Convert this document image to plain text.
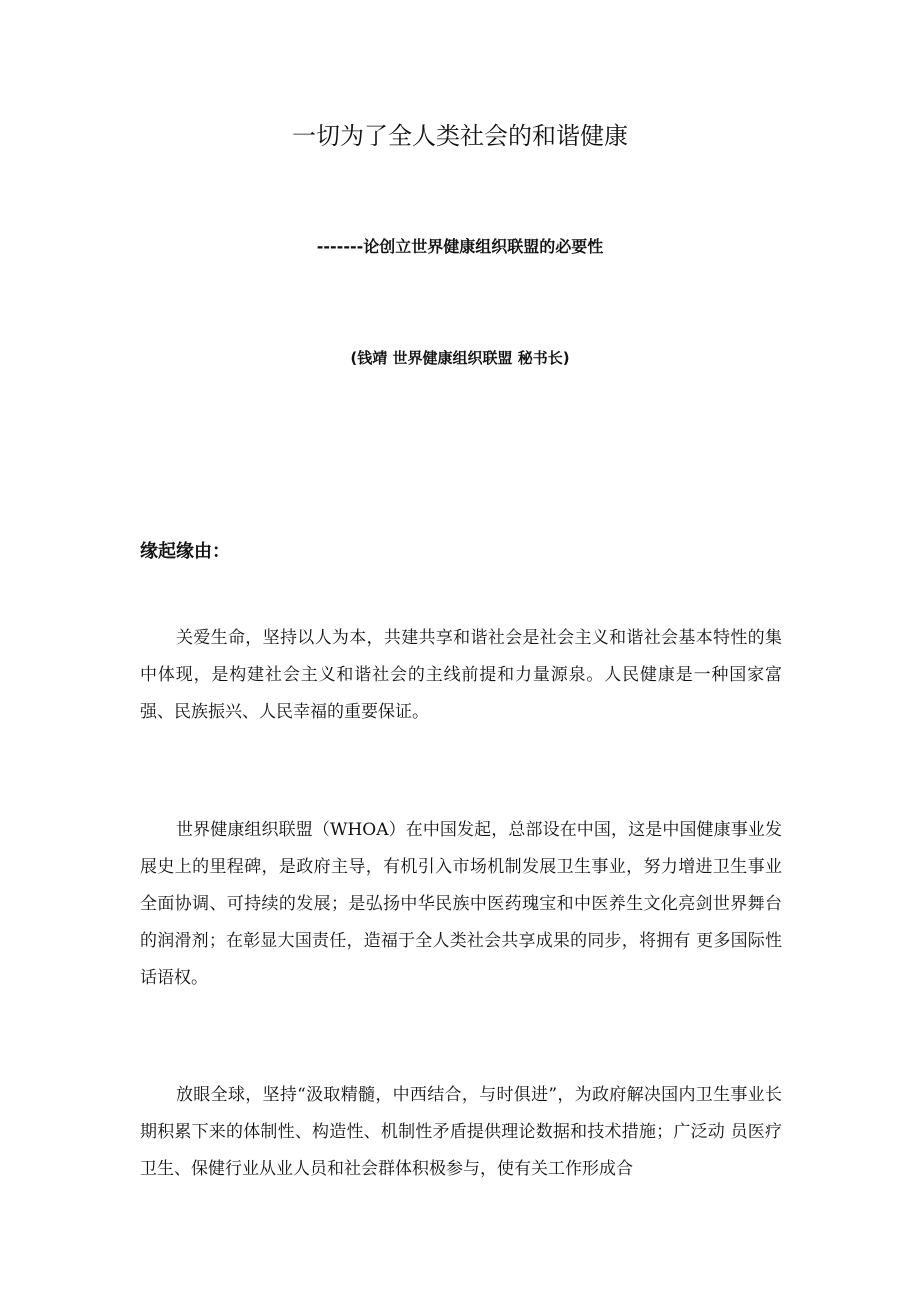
一切为了全人类社会的和谐健康
-------论创立世界健康组织联盟的必要性

(钱靖 世界健康组织联盟 秘书长)

缘起缘由：

关爱生命，坚持以人为本，共建共享和谐社会是社会主义和谐社会基本特性的集中体现，是构建社会主义和谐社会的主线前提和力量源泉。人民健康是一种国家富强、民族振兴、人民幸福的重要保证。

世界健康组织联盟（WHOA）在中国发起，总部设在中国，这是中国健康事业发展史上的里程碑，是政府主导，有机引入市场机制发展卫生事业，努力增进卫生事业全面协调、可持续的发展；是弘扬中华民族中医药瑰宝和中医养生文化亮剑世界舞台的润滑剂；在彰显大国责任，造福于全人类社会共享成果的同步，将拥有 更多国际性话语权。

放眼全球，坚持“汲取精髓，中西结合，与时俱进”，为政府解决国内卫生事业长期积累下来的体制性、构造性、机制性矛盾提供理论数据和技术措施；广泛动 员医疗卫生、保健行业从业人员和社会群体积极参与，使有关工作形成合
